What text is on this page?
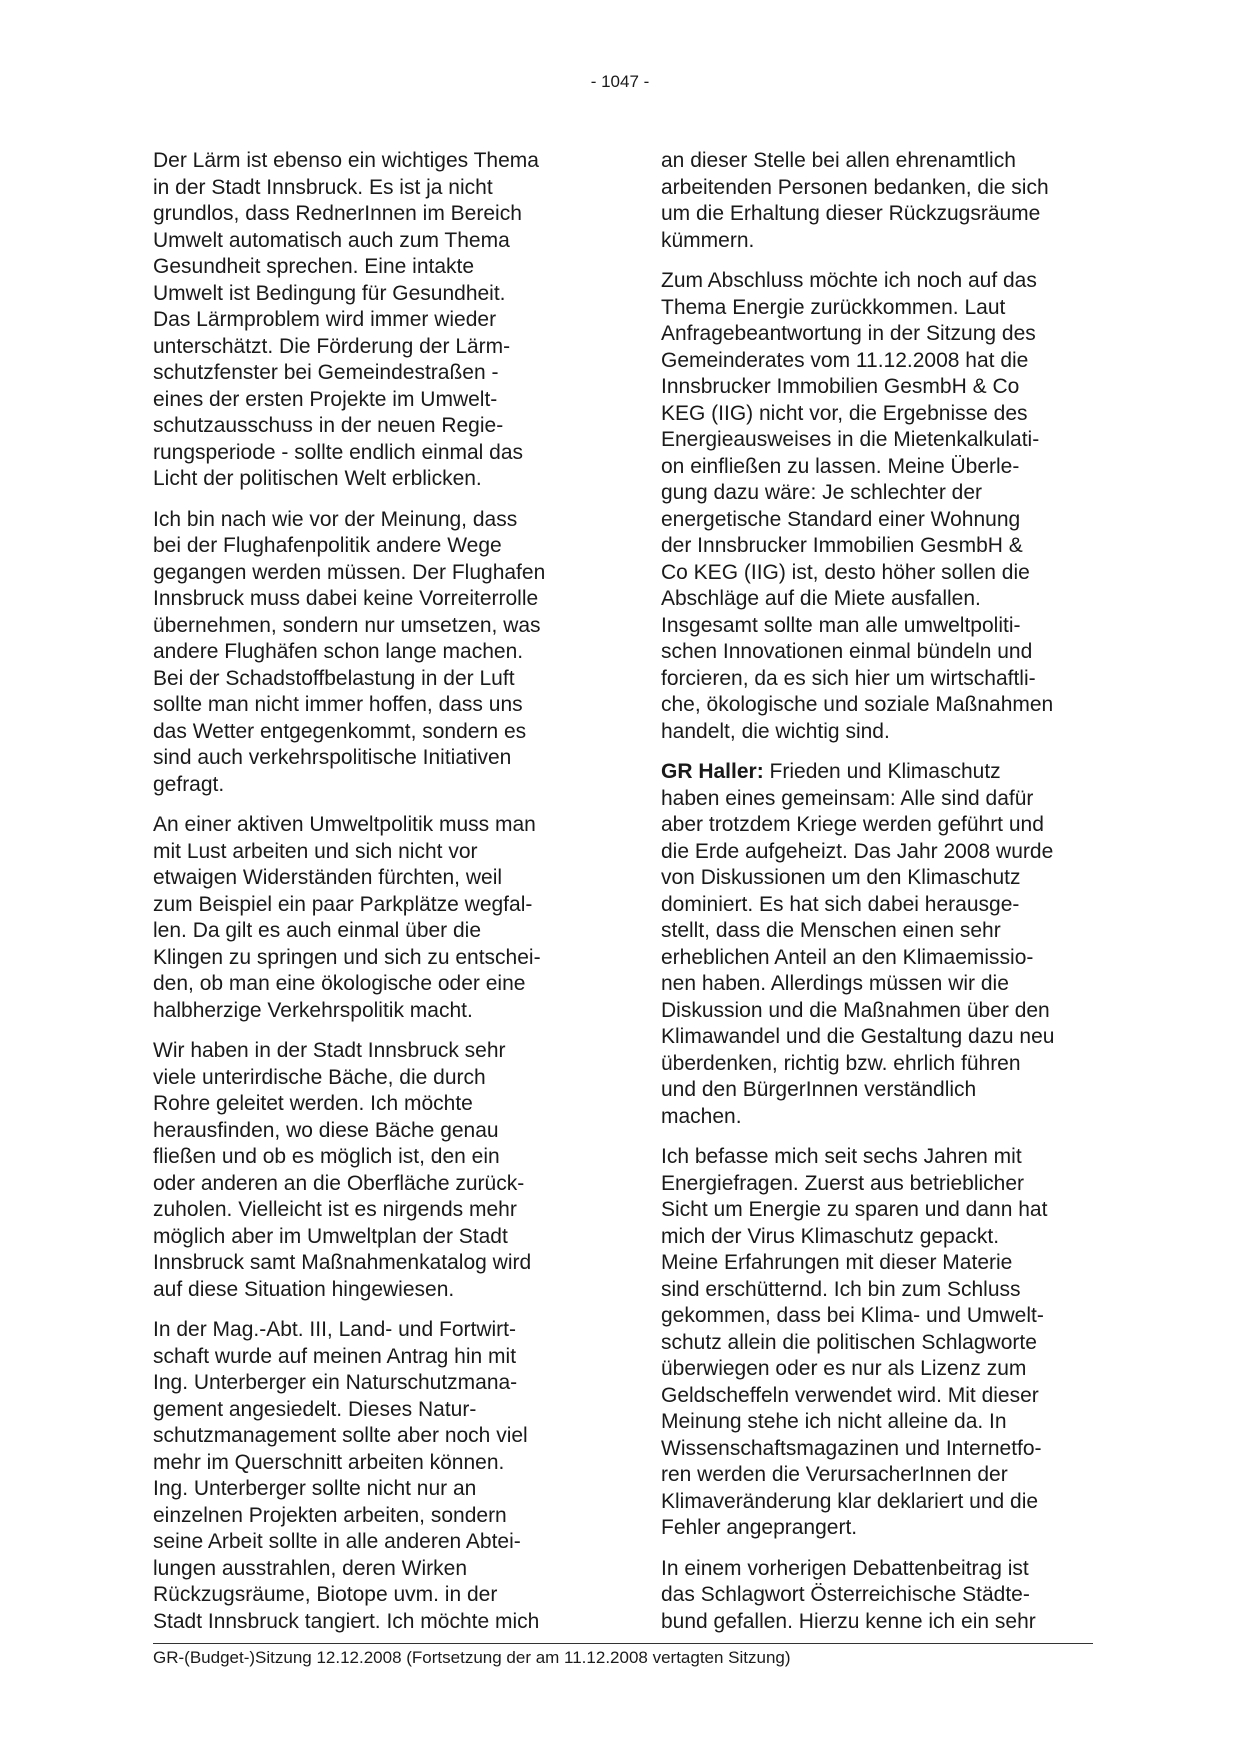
- 1047 -

Der Lärm ist ebenso ein wichtiges Thema
in der Stadt Innsbruck. Es ist ja nicht
grundlos, dass RednerInnen im Bereich
Umwelt automatisch auch zum Thema
Gesundheit sprechen. Eine intakte
Umwelt ist Bedingung für Gesundheit.
Das Lärmproblem wird immer wieder
unterschätzt. Die Förderung der Lärm-
schutzfenster bei Gemeindestraßen -
eines der ersten Projekte im Umwelt-
schutzausschuss in der neuen Regie-
rungsperiode - sollte endlich einmal das
Licht der politischen Welt erblicken.

Ich bin nach wie vor der Meinung, dass
bei der Flughafenpolitik andere Wege
gegangen werden müssen. Der Flughafen
Innsbruck muss dabei keine Vorreiterrolle
übernehmen, sondern nur umsetzen, was
andere Flughäfen schon lange machen.
Bei der Schadstoffbelastung in der Luft
sollte man nicht immer hoffen, dass uns
das Wetter entgegenkommt, sondern es
sind auch verkehrspolitische Initiativen
gefragt.

An einer aktiven Umweltpolitik muss man
mit Lust arbeiten und sich nicht vor
etwaigen Widerständen fürchten, weil
zum Beispiel ein paar Parkplätze wegfal-
len. Da gilt es auch einmal über die
Klingen zu springen und sich zu entschei-
den, ob man eine ökologische oder eine
halbherzige Verkehrspolitik macht.

Wir haben in der Stadt Innsbruck sehr
viele unterirdische Bäche, die durch
Rohre geleitet werden. Ich möchte
herausfinden, wo diese Bäche genau
fließen und ob es möglich ist, den ein
oder anderen an die Oberfläche zurück-
zuholen. Vielleicht ist es nirgends mehr
möglich aber im Umweltplan der Stadt
Innsbruck samt Maßnahmenkatalog wird
auf diese Situation hingewiesen.

In der Mag.-Abt. III, Land- und Fortwirt-
schaft wurde auf meinen Antrag hin mit
Ing. Unterberger ein Naturschutzmana-
gement angesiedelt. Dieses Natur-
schutzmanagement sollte aber noch viel
mehr im Querschnitt arbeiten können.
Ing. Unterberger sollte nicht nur an
einzelnen Projekten arbeiten, sondern
seine Arbeit sollte in alle anderen Abtei-
lungen ausstrahlen, deren Wirken
Rückzugsräume, Biotope uvm. in der
Stadt Innsbruck tangiert. Ich möchte mich

an dieser Stelle bei allen ehrenamtlich
arbeitenden Personen bedanken, die sich
um die Erhaltung dieser Rückzugsräume
kümmern.

Zum Abschluss möchte ich noch auf das
Thema Energie zurückkommen. Laut
Anfragebeantwortung in der Sitzung des
Gemeinderates vom 11.12.2008 hat die
Innsbrucker Immobilien GesmbH & Co
KEG (IIG) nicht vor, die Ergebnisse des
Energieausweises in die Mietenkalkulati-
on einfließen zu lassen. Meine Überle-
gung dazu wäre: Je schlechter der
energetische Standard einer Wohnung
der Innsbrucker Immobilien GesmbH &
Co KEG (IIG) ist, desto höher sollen die
Abschläge auf die Miete ausfallen.
Insgesamt sollte man alle umweltpoliti-
schen Innovationen einmal bündeln und
forcieren, da es sich hier um wirtschaftli-
che, ökologische und soziale Maßnahmen
handelt, die wichtig sind.

GR Haller: Frieden und Klimaschutz
haben eines gemeinsam: Alle sind dafür
aber trotzdem Kriege werden geführt und
die Erde aufgeheizt. Das Jahr 2008 wurde
von Diskussionen um den Klimaschutz
dominiert. Es hat sich dabei herausge-
stellt, dass die Menschen einen sehr
erheblichen Anteil an den Klimaemissio-
nen haben. Allerdings müssen wir die
Diskussion und die Maßnahmen über den
Klimawandel und die Gestaltung dazu neu
überdenken, richtig bzw. ehrlich führen
und den BürgerInnen verständlich
machen.

Ich befasse mich seit sechs Jahren mit
Energiefragen. Zuerst aus betrieblicher
Sicht um Energie zu sparen und dann hat
mich der Virus Klimaschutz gepackt.
Meine Erfahrungen mit dieser Materie
sind erschütternd. Ich bin zum Schluss
gekommen, dass bei Klima- und Umwelt-
schutz allein die politischen Schlagworte
überwiegen oder es nur als Lizenz zum
Geldscheffeln verwendet wird. Mit dieser
Meinung stehe ich nicht alleine da. In
Wissenschaftsmagazinen und Internetfo-
ren werden die VerursacherInnen der
Klimaveränderung klar deklariert und die
Fehler angeprangert.

In einem vorherigen Debattenbeitrag ist
das Schlagwort Österreichische Städte-
bund gefallen. Hierzu kenne ich ein sehr

GR-(Budget-)Sitzung 12.12.2008 (Fortsetzung der am 11.12.2008 vertagten Sitzung)
